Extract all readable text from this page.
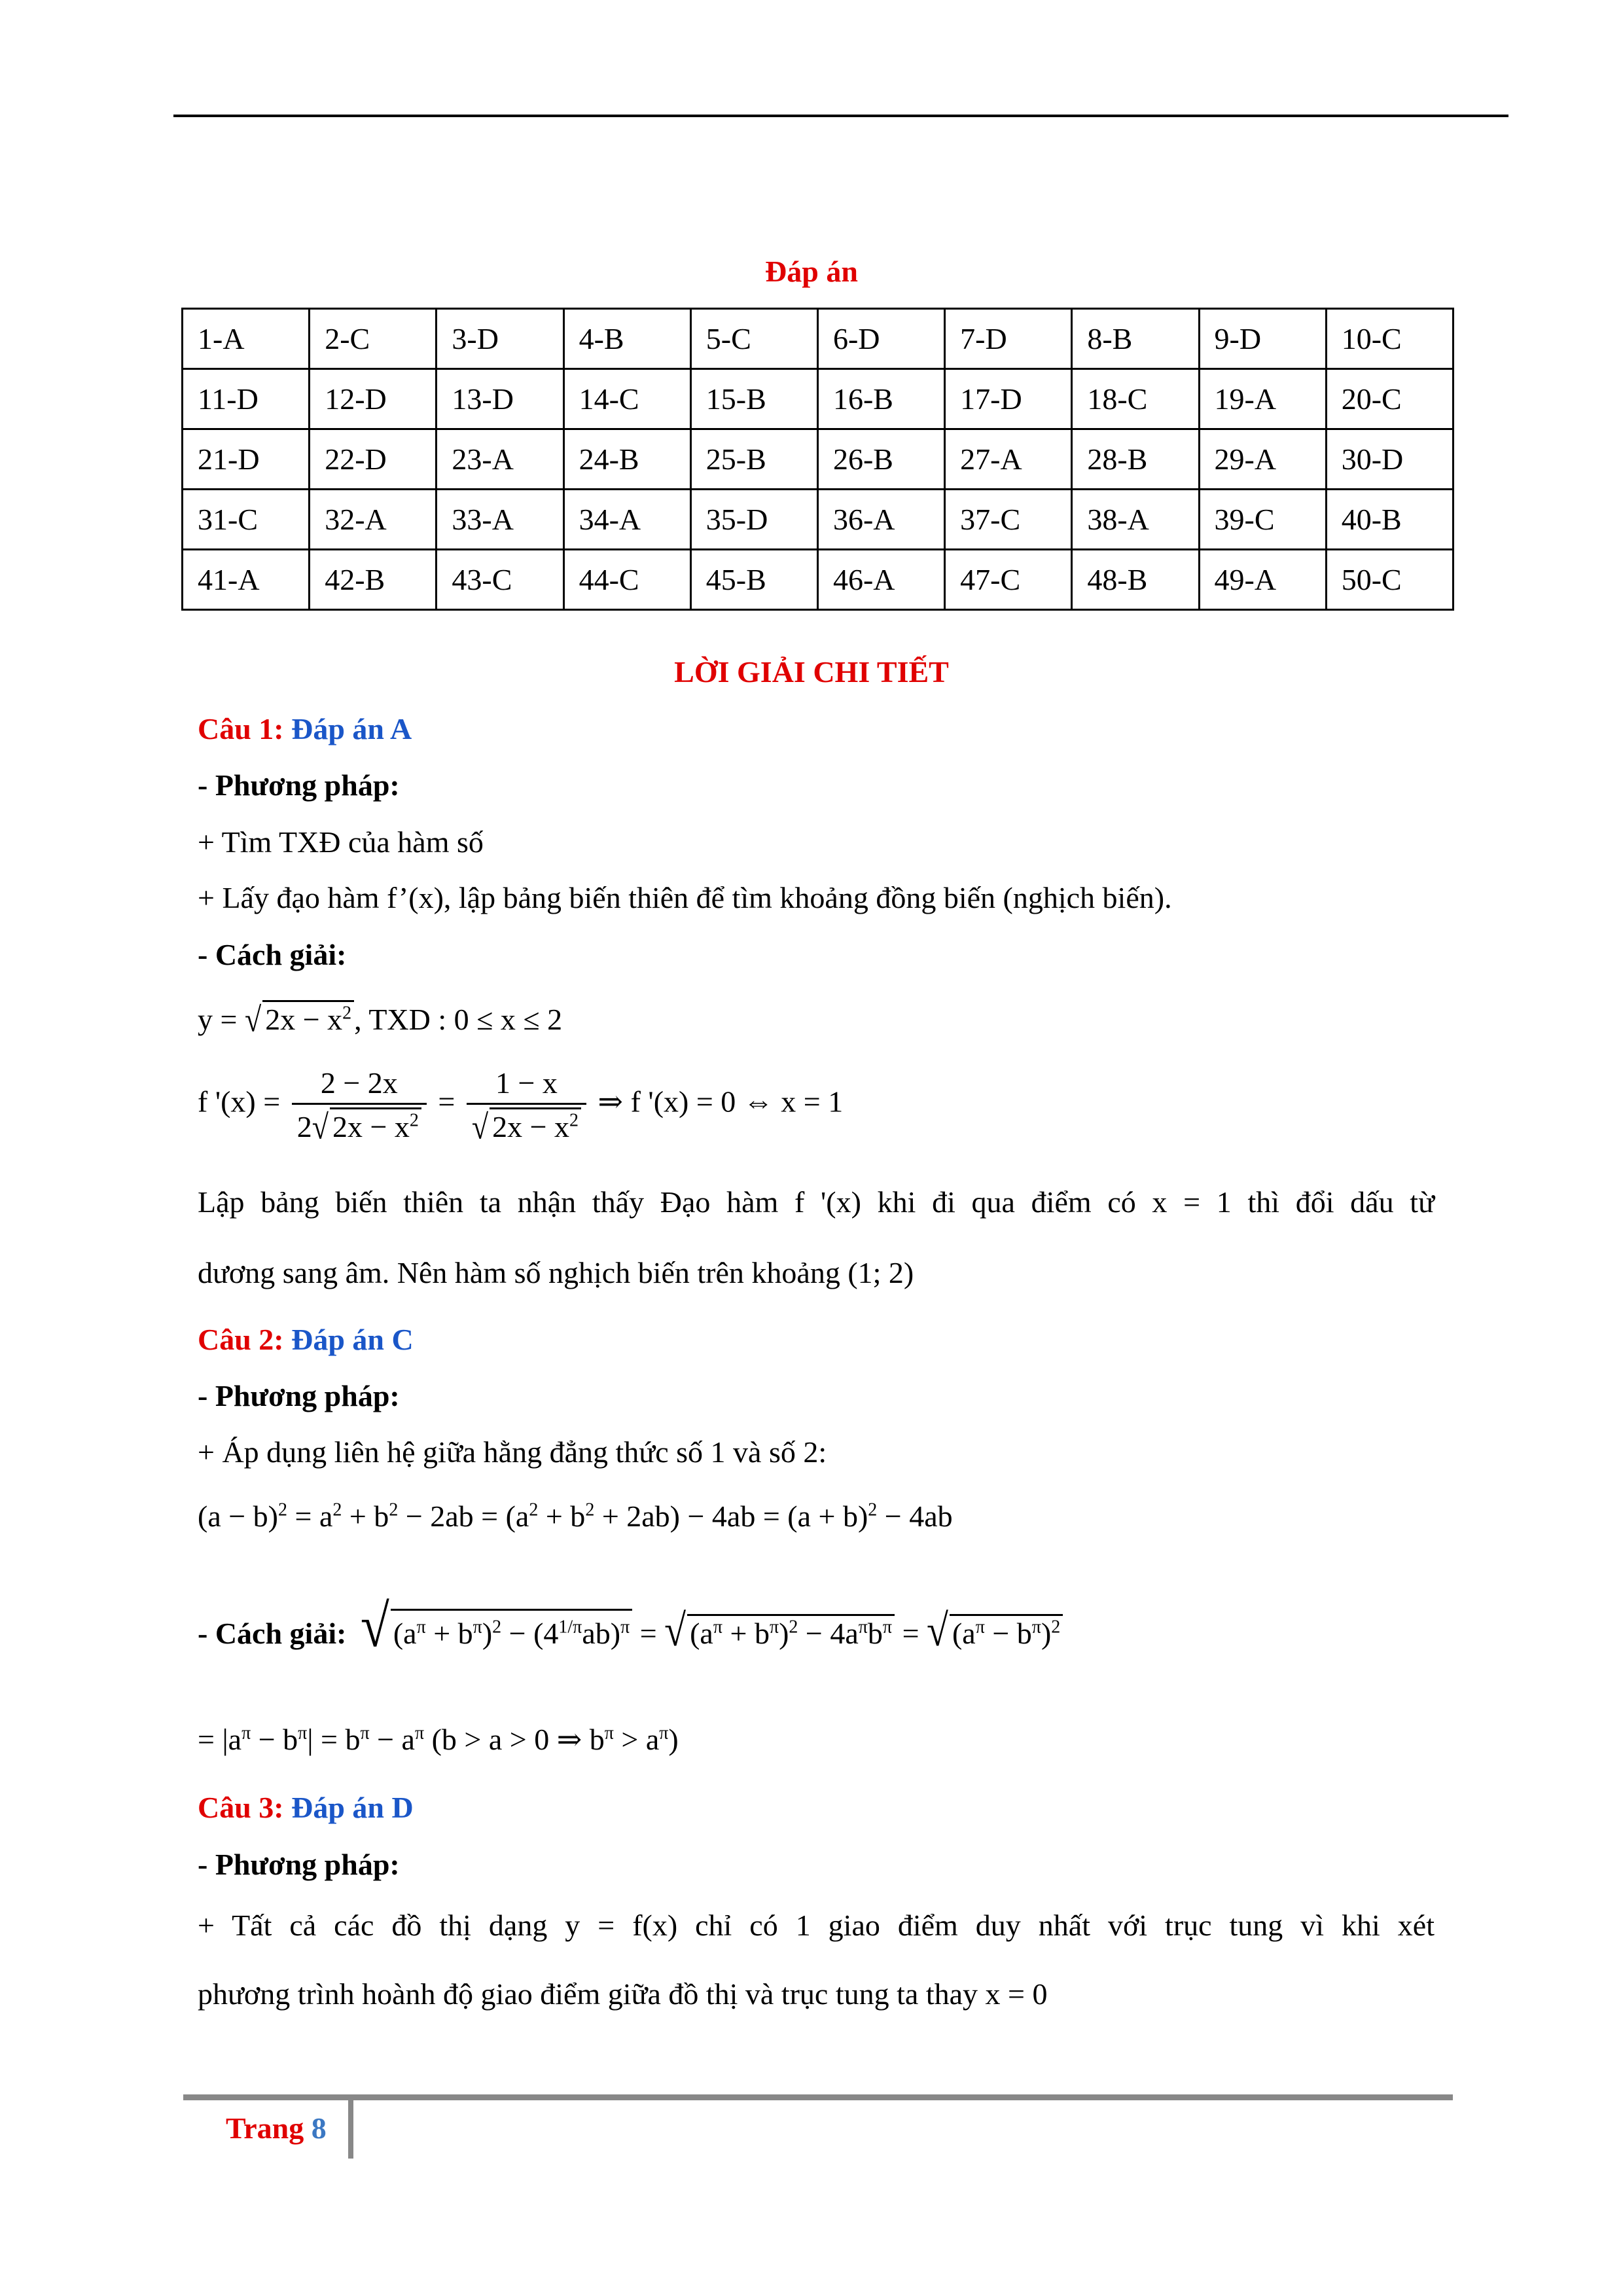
Đáp án
1-A	2-C	3-D	4-B	5-C	6-D	7-D	8-B	9-D	10-C
11-D	12-D	13-D	14-C	15-B	16-B	17-D	18-C	19-A	20-C
21-D	22-D	23-A	24-B	25-B	26-B	27-A	28-B	29-A	30-D
31-C	32-A	33-A	34-A	35-D	36-A	37-C	38-A	39-C	40-B
41-A	42-B	43-C	44-C	45-B	46-A	47-C	48-B	49-A	50-C
LỜI GIẢI CHI TIẾT
Câu 1: Đáp án A
- Phương pháp:
+ Tìm TXĐ của hàm số
+ Lấy đạo hàm f’(x), lập bảng biến thiên để tìm khoảng đồng biến (nghịch biến).
- Cách giải:
y = √ $2x - x^2$, TXD : 0 ≤ x ≤ 2
f '$(x) = \frac{2 - 2x}{2√ 2x - x^2} = \frac{1 - x}{√ 2x - x^2}$ ⇒ f '(x) = 0 ⇔ x = 1
Lập bảng biến thiên ta nhận thấy Đạo hàm f '(x) khi đi qua điểm có x = 1 thì đổi dấu từ
dương sang âm. Nên hàm số nghịch biến trên khoảng (1; 2)
Câu 2: Đáp án C
- Phương pháp:
+ Áp dụng liên hệ giữa hằng đẳng thức số 1 và số 2:
$(a - b)^2 = a^2 + b^2 - 2ab = (a^2 + b^2 + 2ab) - 4ab = (a + b)^2 - 4ab$
- Cách giải: √ $(a^\pi + b^\pi)^2 - (4^{1/\pi}ab)^\pi$ = √ $(a^\pi + b^\pi)^2 - 4a^\pi b^\pi$ = √ $(a^\pi - b^\pi)^2$
= $|a^\pi - b^\pi| = b^\pi - a^\pi$ (b > a > 0 ⇒ $b^\pi > a^\pi$)
Câu 3: Đáp án D
- Phương pháp:
+ Tất cả các đồ thị dạng y = f(x) chỉ có 1 giao điểm duy nhất với trục tung vì khi xét
phương trình hoành độ giao điểm giữa đồ thị và trục tung ta thay x = 0
Trang 8
